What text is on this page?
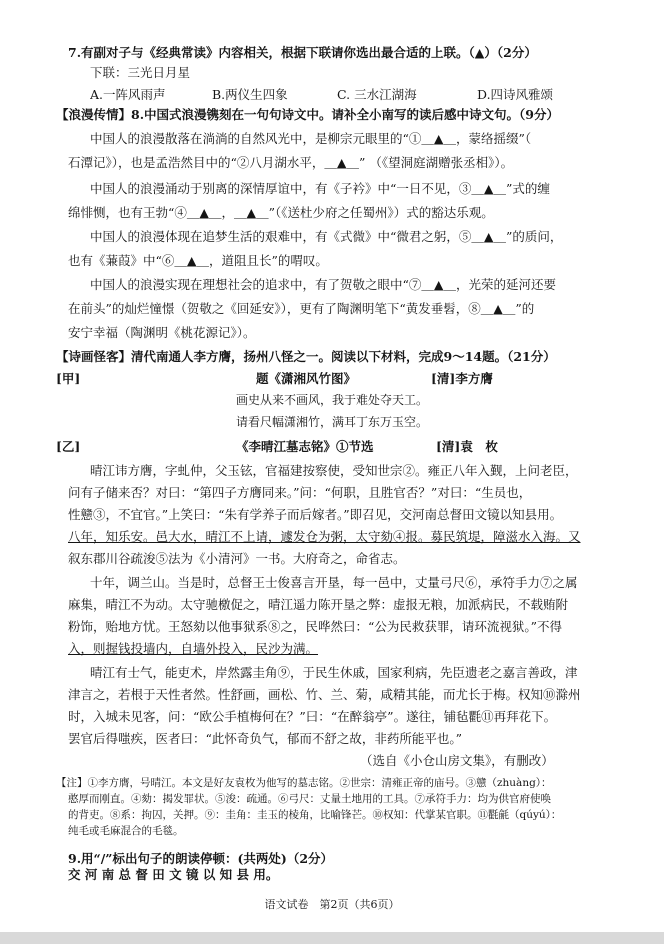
7.有副对子与《经典常读》内容相关，根据下联请你选出最合适的上联。（▲）（2分）
下联：三光日月星
A.一阵风雨声	B.两仪生四象	C. 三水江湖海	D.四诗风雅颂
【浪漫传情】8.中国式浪漫镌刻在一句句诗文中。请补全小南写的读后感中诗文句。（9分）
中国人的浪漫散落在淌淌的自然风光中，是柳宗元眼里的“①＿▲＿，蒙络摇缀”（
石潭记》），也是孟浩然目中的“②八月湖水平，＿▲＿” （《望洞庭湖赠张丞相》）。
中国人的浪漫涌动于别离的深情厚谊中，有《子衿》中“一日不见，③＿▲＿”式的缠
绵悱恻，也有王勃“④＿▲＿，＿▲＿”（《送杜少府之任蜀州》）式的豁达乐观。
中国人的浪漫体现在追梦生活的艰难中，有《式微》中“微君之躬，⑤＿▲＿”的质问，
也有《蒹葭》中“⑥＿▲＿，道阻且长”的喟叹。
中国人的浪漫实现在理想社会的追求中，有了贺敬之眼中“⑦＿▲＿，光荣的延河还要
在前头”的灿烂憧憬（贺敬之《回延安》），更有了陶渊明笔下“黄发垂髫，⑧＿▲＿”的
安宁幸福（陶渊明《桃花源记》）。
【诗画怪客】清代南通人李方膺，扬州八怪之一。阅读以下材料，完成9～14题。（21分）
[甲]	题《潇湘风竹图》	[清]李方膺
画史从来不画风，我于难处夺天工。
请看尺幅潇湘竹，满耳丁东万玉空。
[乙]	《李晴江墓志铭》①节选	[清]袁　枚
晴江讳方膺，字虬仲，父玉铉，官福建按察使，受知世宗②。雍正八年入觐，上问老臣，
问有子储来否？对曰：“第四子方膺同来。”问：“何职，且胜官否？”对曰：“生员也，
性戆③，不宜官。”上笑曰：“朱有学养子而后嫁者。”即召见，交河南总督田文镜以知县用。
八年，知乐安。邑大水，晴江不上请，遽发仓为粥，太守劾④报。募民筑堤，障滋水入海。又
叙东郡川谷疏浚⑤法为《小清河》一书。大府奇之，命省志。
十年，调兰山。当是时，总督王士俊喜言开垦，每一邑中，丈量弓尺⑥，承符手力⑦之属
麻集，晴江不为动。太守驰檄促之，晴江遥力陈开垦之弊：虚报无粮，加派病民，不载贿附
粉饰，贻地方忧。王怒劾以他事狱系⑧之，民哗然曰：“公为民救获罪，请环流视狱。”不得
入，则握钱投墙内，自墙外投入，民沙为满。
晴江有士气，能吏术，岸然露圭角⑨，于民生休戚，国家利病，先臣遗老之嘉言善政，津
津言之，若根于天性者然。性舒画，画松、竹、兰、菊，咸精其能，而尤长于梅。权知⑩滁州
时，入城未见客，问：“欧公手植梅何在？”曰：“在醉翁亭”。遂往，铺毡氍⑪再拜花下。
罢官后得嗤疾，医者曰：“此怀奇负气，郁而不舒之故，非药所能平也。”
（选自《小仓山房文集》，有删改）
【注】①李方膺，号晴江。本文是好友袁枚为他写的墓志铭。②世宗：清雍正帝的庙号。③戆（zhuàng）：
憨厚而刚直。④劾：揭发罪状。⑤浚：疏通。⑥弓尺：丈量土地用的工具。⑦承符手力：均为供官府使唤
的背吏。⑧系：拘囚，关押。⑨：圭角：圭玉的棱角，比喻锋芒。⑩权知：代掌某官职。⑪氍毹（qúyú）：
纯毛或毛麻混合的毛毯。
9.用“/”标出句子的朗读停顿：(共两处)（2分）
交 河 南 总 督 田 文 镜 以 知 县 用。
语文试卷　第2页（共6页）
